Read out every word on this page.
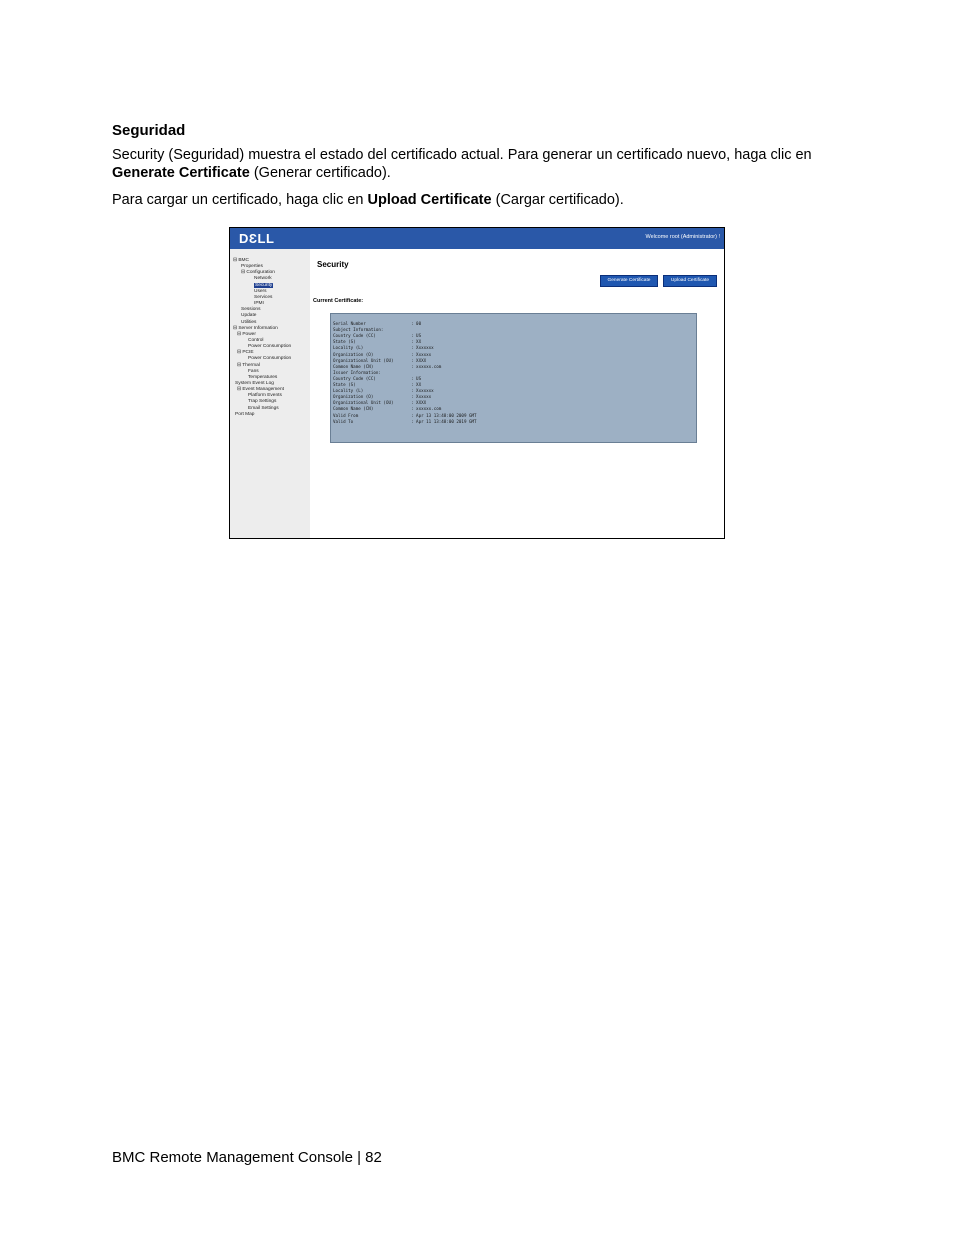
Seguridad
Security (Seguridad) muestra el estado del certificado actual. Para generar un certificado nuevo, haga clic en Generate Certificate (Generar certificado).
Para cargar un certificado, haga clic en Upload Certificate (Cargar certificado).
DƐLL	Welcome root (Administrator) !
⊟ BMC
Properties
⊟ Configuration
Network
Security
Users
Services
IPMI
Sessions
Update
Utilities
⊟ Server Information
⊟ Power
Control
Power Consumption
⊟ PCIE
Power Consumption
⊟ Thermal
Fans
Temperatures
System Event Log
⊟ Event Management
Platform Events
Trap Settings
Email Settings
Port Map
Security
Generate Certificate	Upload Certificate
Current Certificate:
Serial Number	: 00
Subject Information:
Country Code (CC)	: US
State (S)	: XX
Locality (L)	: Xxxxxxx
Organization (O)	: Xxxxxx
Organizational Unit (OU)	: XXXX
Common Name (CN)	: xxxxxx.com
Issuer Information:
Country Code (CC)	: US
State (S)	: XX
Locality (L)	: Xxxxxxx
Organization (O)	: Xxxxxx
Organizational Unit (OU)	: XXXX
Common Name (CN)	: xxxxxx.com
Valid From	: Apr 13 13:48:00 2009 GMT
Valid To	: Apr 11 13:48:00 2019 GMT
BMC Remote Management Console | 82
